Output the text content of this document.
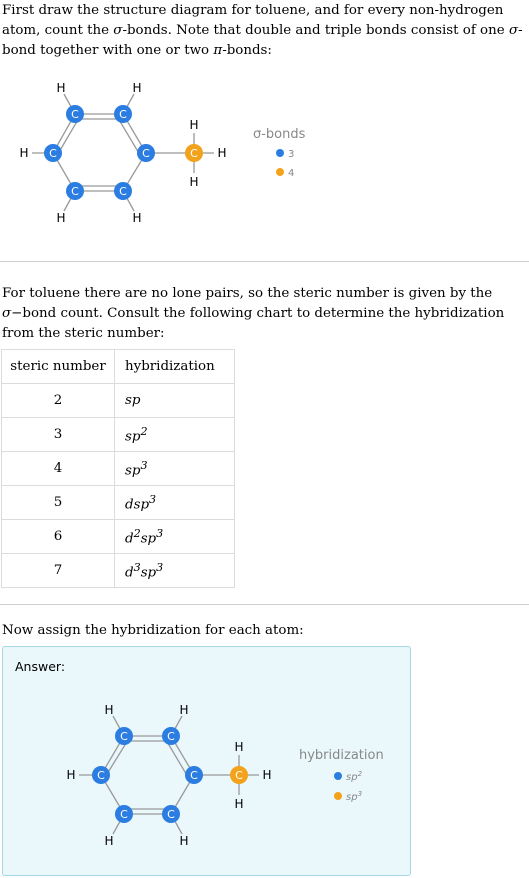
First draw the structure diagram for toluene, and for every non-hydrogen atom, count the σ-bonds. Note that double and triple bonds consist of one σ-bond together with one or two π-bonds:
C	C
C	C
C	C
C
H	H
H
H	H
H
H
H
σ-bonds
3
4
For toluene there are no lone pairs, so the steric number is given by the σ−bond count. Consult the following chart to determine the hybridization from the steric number:
steric number	hybridization
2	sp
3	$sp^2$
4	$sp^3$
5	dsp$^3$
6	$d^2sp^3$
7	$d^3sp^3$
Now assign the hybridization for each atom:
Answer:
C	C
C	C
C	C
C
H	H
H
H	H
H
H
H
hybridization
$sp^2$
$sp^3$
